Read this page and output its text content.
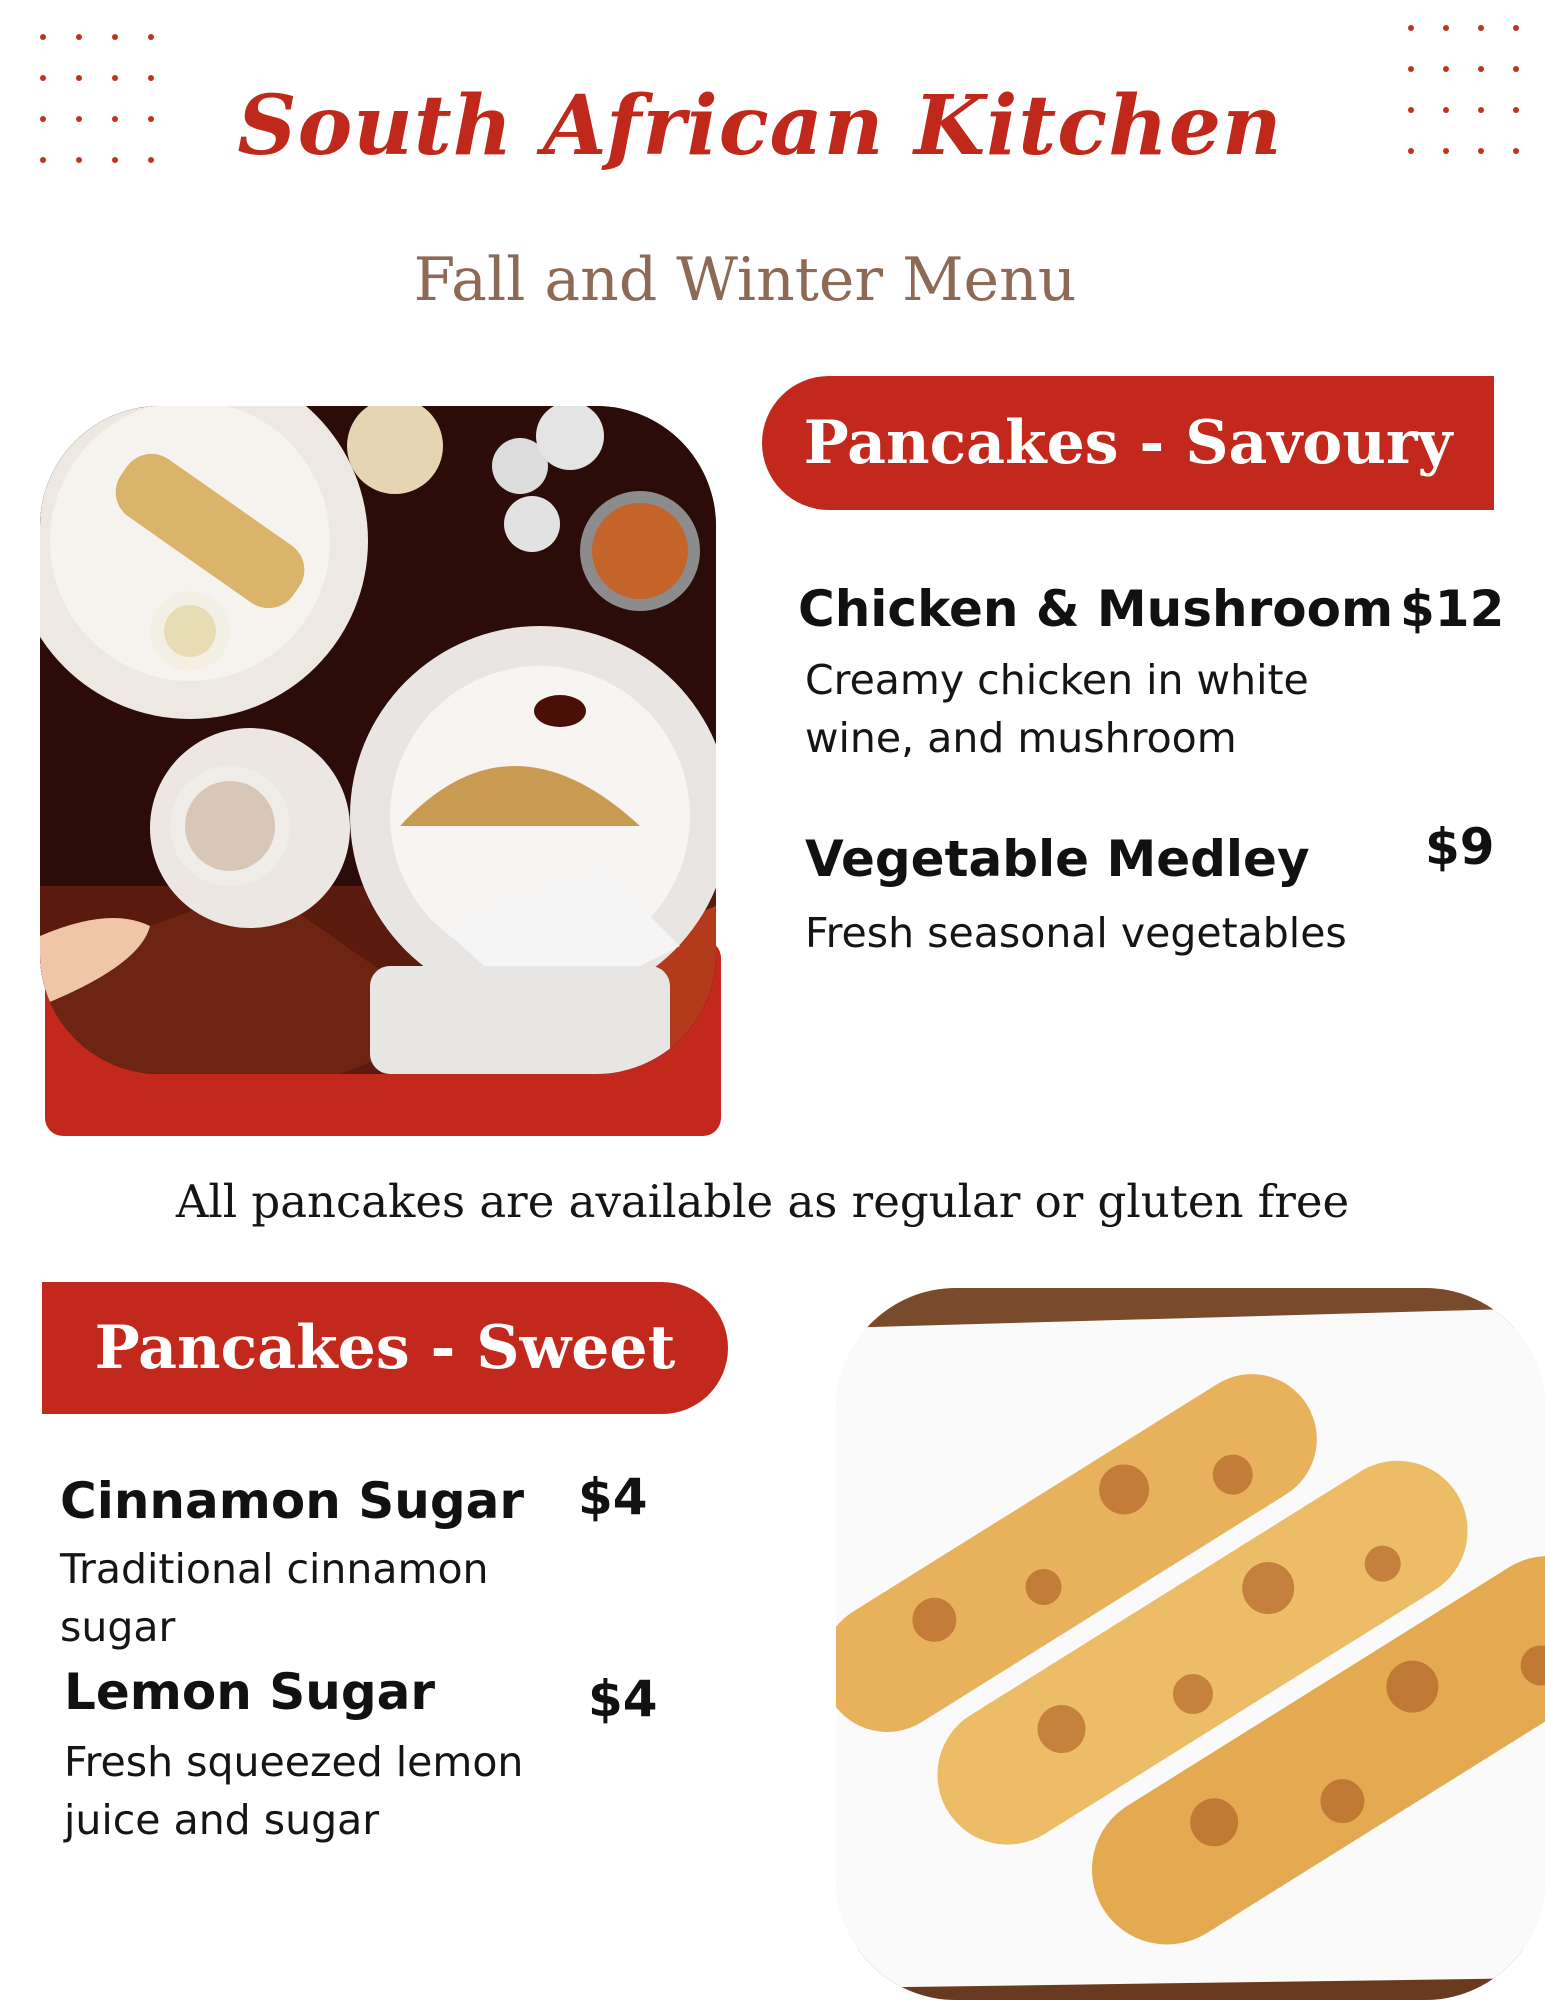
South African Kitchen
Fall and Winter Menu
Pancakes - Savoury
Chicken & Mushroom $12
Creamy chicken in white
wine, and mushroom
Vegetable Medley $9
Fresh seasonal vegetables
All pancakes are available as regular or gluten free
Pancakes - Sweet
Cinnamon Sugar $4
Traditional cinnamon
sugar
Lemon Sugar	$4
Fresh squeezed lemon
juice and sugar
